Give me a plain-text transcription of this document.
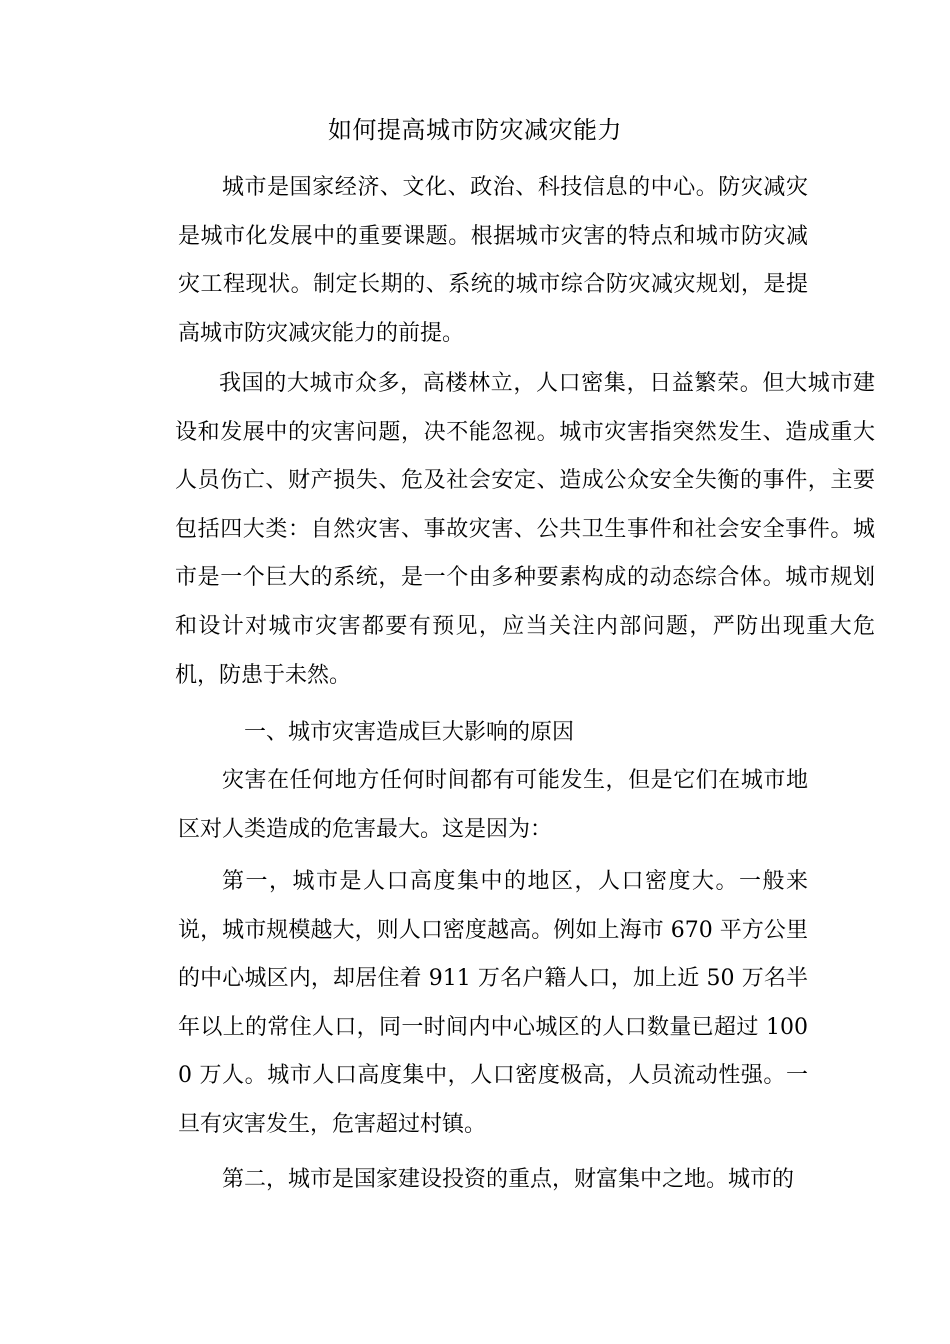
如何提高城市防灾减灾能力

城市是国家经济、文化、政治、科技信息的中心。防灾减灾是城市化发展中的重要课题。根据城市灾害的特点和城市防灾减灾工程现状。制定长期的、系统的城市综合防灾减灾规划，是提高城市防灾减灾能力的前提。

我国的大城市众多，高楼林立，人口密集，日益繁荣。但大城市建设和发展中的灾害问题，决不能忽视。城市灾害指突然发生、造成重大人员伤亡、财产损失、危及社会安定、造成公众安全失衡的事件，主要包括四大类：自然灾害、事故灾害、公共卫生事件和社会安全事件。城市是一个巨大的系统，是一个由多种要素构成的动态综合体。城市规划和设计对城市灾害都要有预见，应当关注内部问题，严防出现重大危机，防患于未然。

一、城市灾害造成巨大影响的原因

灾害在任何地方任何时间都有可能发生，但是它们在城市地区对人类造成的危害最大。这是因为：

第一，城市是人口高度集中的地区，人口密度大。一般来说，城市规模越大，则人口密度越高。例如上海市 670 平方公里的中心城区内，却居住着 911 万名户籍人口，加上近 50 万名半年以上的常住人口，同一时间内中心城区的人口数量已超过 1000 万人。城市人口高度集中，人口密度极高，人员流动性强。一旦有灾害发生，危害超过村镇。

第二，城市是国家建设投资的重点，财富集中之地。城市的
